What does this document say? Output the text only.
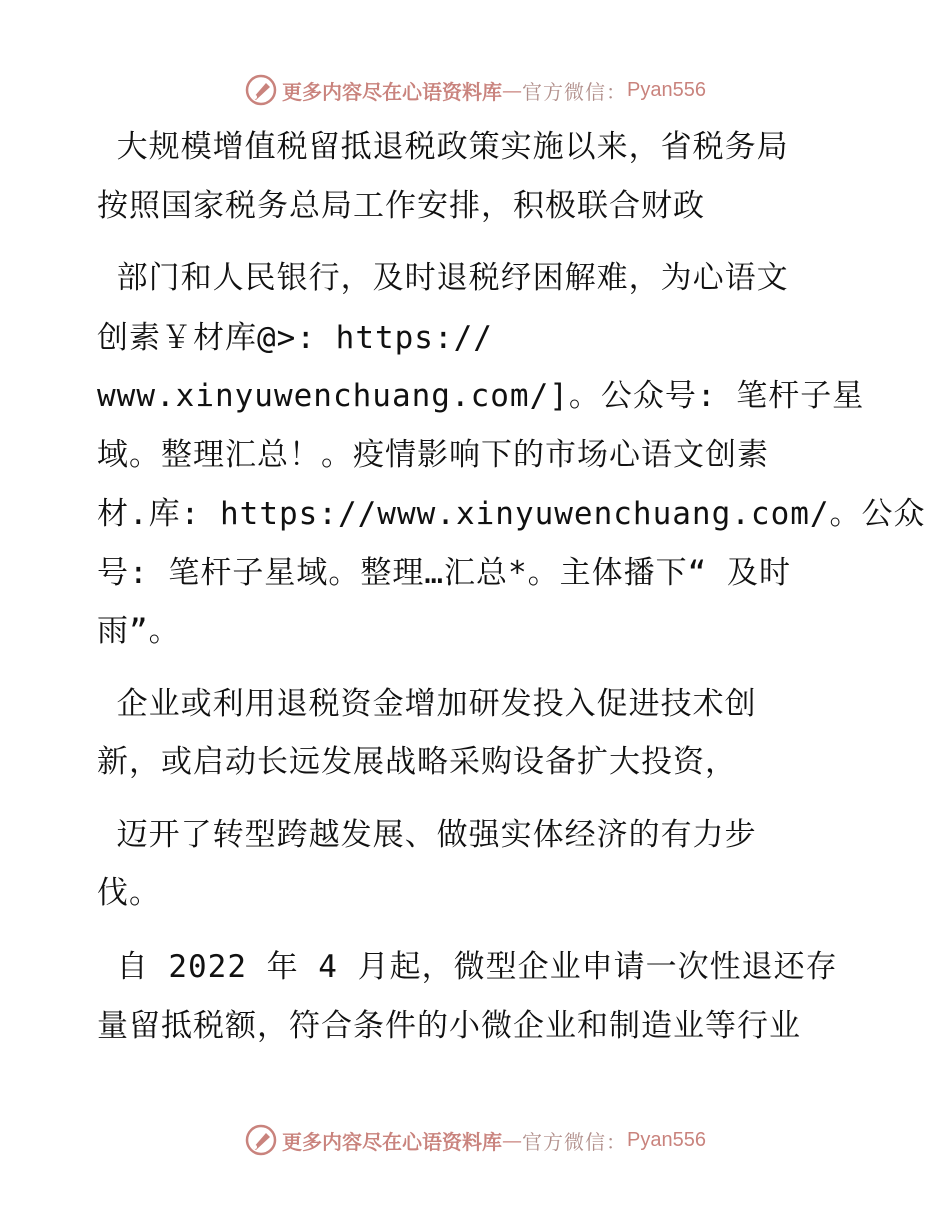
更多内容尽在心语资料库 — 官方微信： Pyan556

大规模增值税留抵退税政策实施以来，省税务局

按照国家税务总局工作安排，积极联合财政

部门和人民银行，及时退税纾困解难，为心语文

创素￥材库@>: https://

www.xinyuwenchuang.com/]。公众号: 笔杆子星

域。整理汇总！。疫情影响下的市场心语文创素

材.库: https://www.xinyuwenchuang.com/。公众

号: 笔杆子星域。整理…汇总*。主体播下“ 及时

雨”。

企业或利用退税资金增加研发投入促进技术创

新，或启动长远发展战略采购设备扩大投资，

迈开了转型跨越发展、做强实体经济的有力步

伐。

自 2022 年 4 月起，微型企业申请一次性退还存

量留抵税额，符合条件的小微企业和制造业等行业

更多内容尽在心语资料库 — 官方微信： Pyan556
